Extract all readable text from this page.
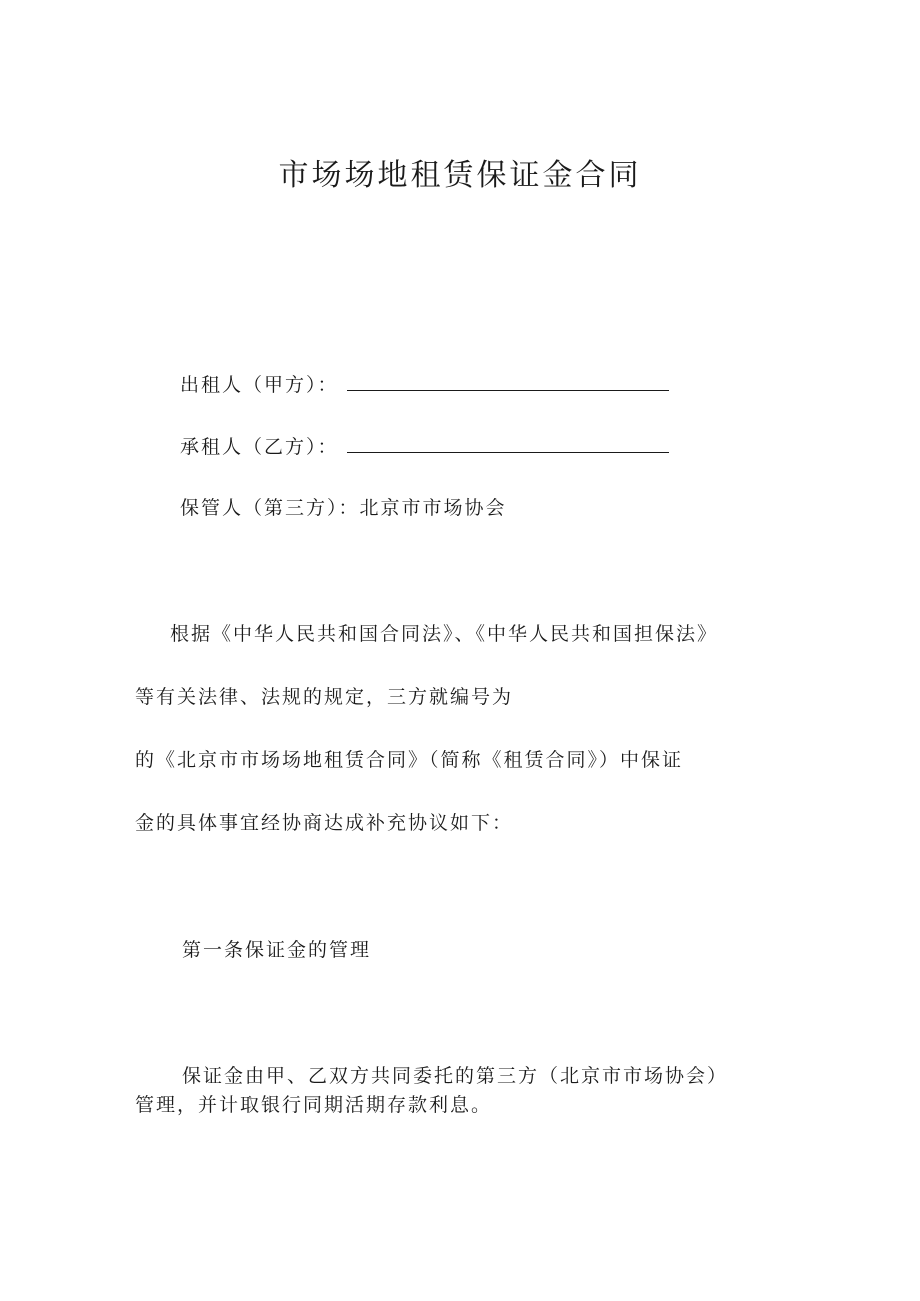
市场场地租赁保证金合同
出租人（甲方）：
承租人（乙方）：
保管人（第三方）：北京市市场协会
根据《中华人民共和国合同法》、《中华人民共和国担保法》
等有关法律、法规的规定，三方就编号为
的《北京市市场场地租赁合同》（简称《租赁合同》）中保证
金的具体事宜经协商达成补充协议如下：
第一条保证金的管理
保证金由甲、乙双方共同委托的第三方（北京市市场协会）
管理，并计取银行同期活期存款利息。
